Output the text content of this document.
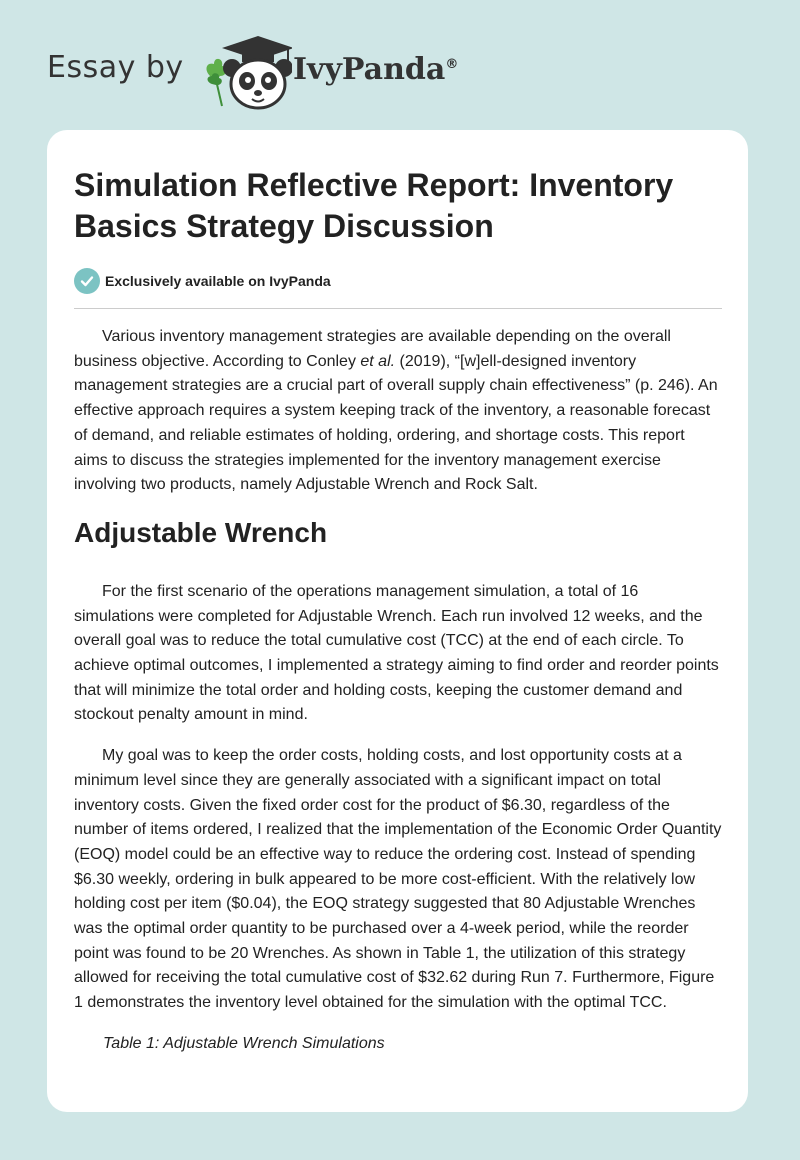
Essay by	IvyPanda®
Simulation Reflective Report: Inventory Basics Strategy Discussion
Exclusively available on IvyPanda

Various inventory management strategies are available depending on the overall business objective. According to Conley et al. (2019), “[w]ell-designed inventory management strategies are a crucial part of overall supply chain effectiveness” (p. 246). An effective approach requires a system keeping track of the inventory, a reasonable forecast of demand, and reliable estimates of holding, ordering, and shortage costs. This report aims to discuss the strategies implemented for the inventory management exercise involving two products, namely Adjustable Wrench and Rock Salt.

Adjustable Wrench

For the first scenario of the operations management simulation, a total of 16 simulations were completed for Adjustable Wrench. Each run involved 12 weeks, and the overall goal was to reduce the total cumulative cost (TCC) at the end of each circle. To achieve optimal outcomes, I implemented a strategy aiming to find order and reorder points that will minimize the total order and holding costs, keeping the customer demand and stockout penalty amount in mind.

My goal was to keep the order costs, holding costs, and lost opportunity costs at a minimum level since they are generally associated with a significant impact on total inventory costs. Given the fixed order cost for the product of $6.30, regardless of the number of items ordered, I realized that the implementation of the Economic Order Quantity (EOQ) model could be an effective way to reduce the ordering cost. Instead of spending $6.30 weekly, ordering in bulk appeared to be more cost-efficient. With the relatively low holding cost per item ($0.04), the EOQ strategy suggested that 80 Adjustable Wrenches was the optimal order quantity to be purchased over a 4-week period, while the reorder point was found to be 20 Wrenches. As shown in Table 1, the utilization of this strategy allowed for receiving the total cumulative cost of $32.62 during Run 7. Furthermore, Figure 1 demonstrates the inventory level obtained for the simulation with the optimal TCC.

Table 1: Adjustable Wrench Simulations
